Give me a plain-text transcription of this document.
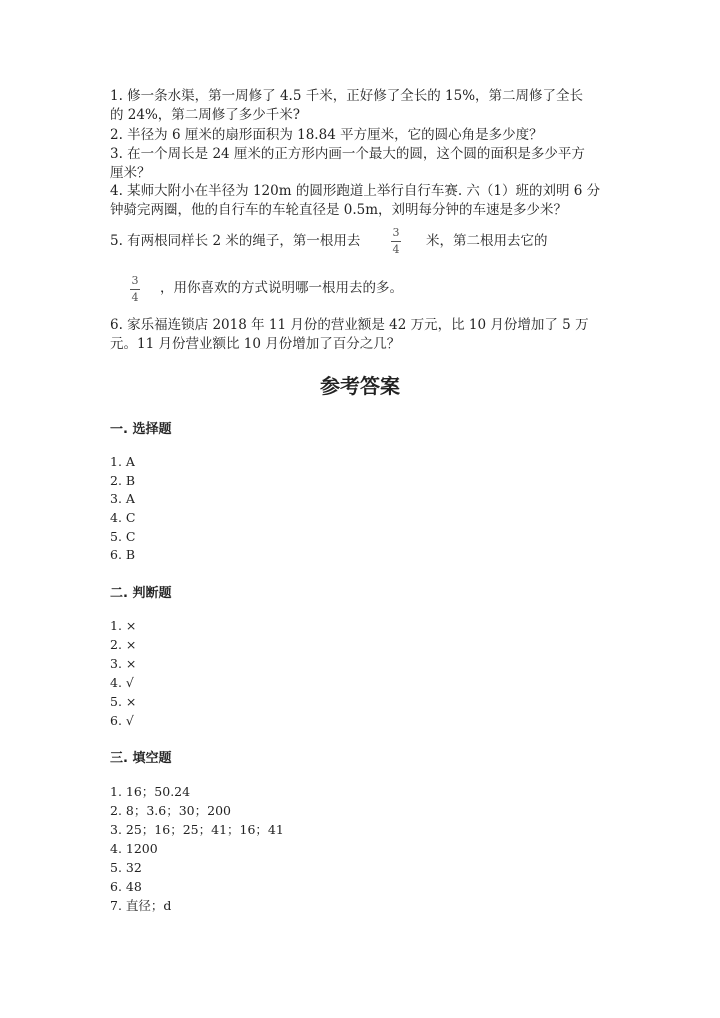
1. 修一条水渠，第一周修了 4.5 千米，正好修了全长的 15%，第二周修了全长
的 24%，第二周修了多少千米?
2. 半径为 6 厘米的扇形面积为 18.84 平方厘米，它的圆心角是多少度？
3. 在一个周长是 24 厘米的正方形内画一个最大的圆，这个圆的面积是多少平方
厘米？
4. 某师大附小在半径为 120m 的圆形跑道上举行自行车赛. 六（1）班的刘明 6 分
钟骑完两圈，他的自行车的车轮直径是 0.5m，刘明每分钟的车速是多少米？
5. 有两根同样长 2 米的绳子，第一根用去
3
4
米，第二根用去它的
3
4
，用你喜欢的方式说明哪一根用去的多。
6. 家乐福连锁店 2018 年 11 月份的营业额是 42 万元，比 10 月份增加了 5 万
元。11 月份营业额比 10 月份增加了百分之几？
参考答案
一. 选择题
1. A
2. B
3. A
4. C
5. C
6. B
二. 判断题
1. ×
2. ×
3. ×
4. √
5. ×
6. √
三. 填空题
1. 16；50.24
2. 8；3.6；30；200
3. 25；16；25；41；16；41
4. 1200
5. 32
6. 48
7. 直径；d
